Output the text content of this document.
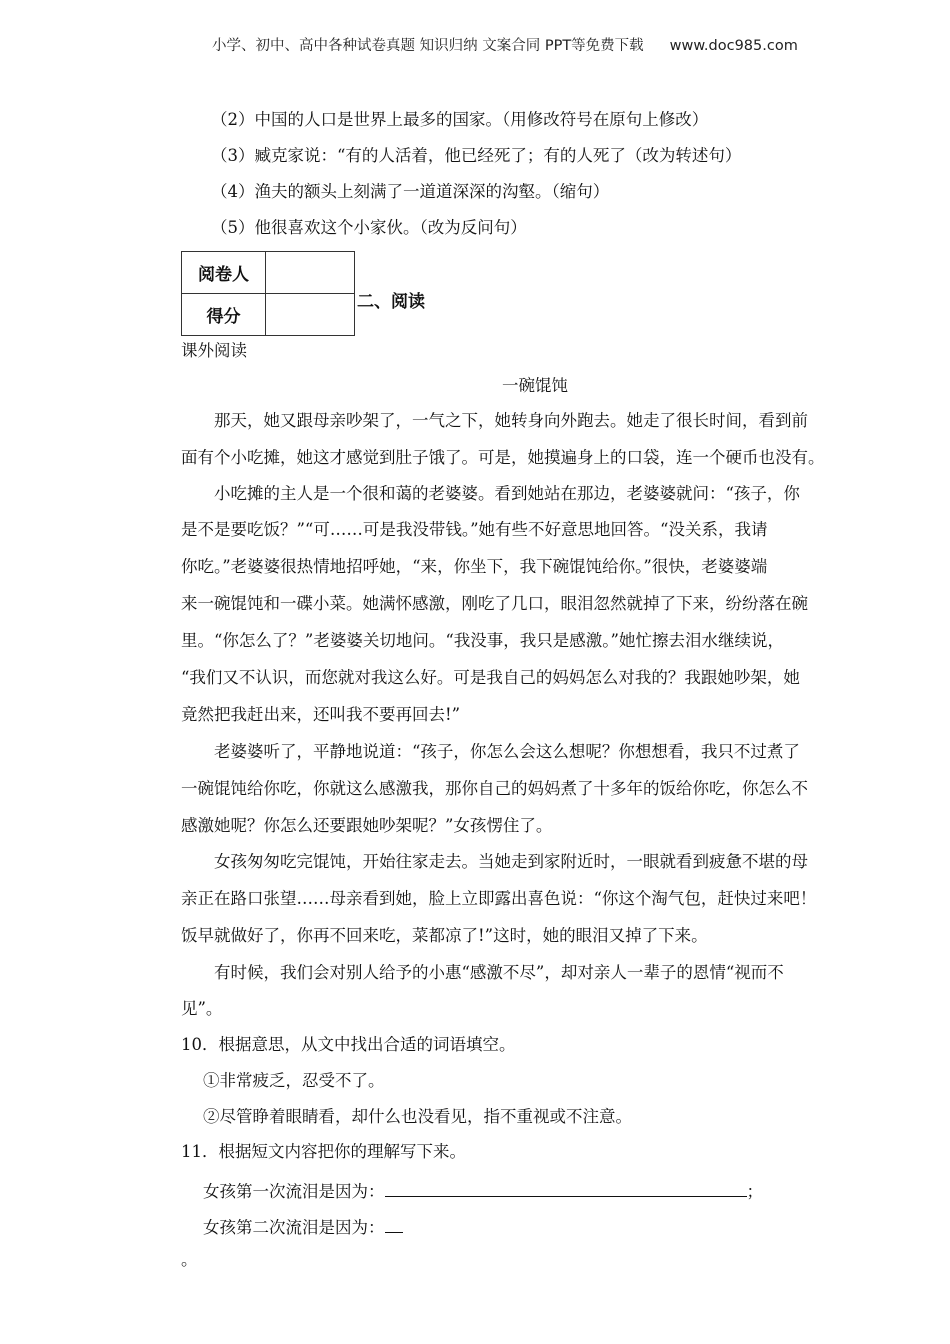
小学、初中、高中各种试卷真题 知识归纳 文案合同 PPT等免费下载 www.doc985.com
（2）中国的人口是世界上最多的国家。（用修改符号在原句上修改）
（3）臧克家说：“有的人活着，他已经死了；有的人死了（改为转述句）
（4）渔夫的额头上刻满了一道道深深的沟壑。（缩句）
（5）他很喜欢这个小家伙。（改为反问句）
阅卷人	
得分	
二、阅读
课外阅读
一碗馄饨
那天，她又跟母亲吵架了，一气之下，她转身向外跑去。她走了很长时间，看到前
面有个小吃摊，她这才感觉到肚子饿了。可是，她摸遍身上的口袋，连一个硬币也没有。
小吃摊的主人是一个很和蔼的老婆婆。看到她站在那边，老婆婆就问：“孩子，你
是不是要吃饭？”“可……可是我没带钱。”她有些不好意思地回答。“没关系，我请
你吃。”老婆婆很热情地招呼她，“来，你坐下，我下碗馄饨给你。”很快，老婆婆端
来一碗馄饨和一碟小菜。她满怀感激，刚吃了几口，眼泪忽然就掉了下来，纷纷落在碗
里。“你怎么了？”老婆婆关切地问。“我没事，我只是感激。”她忙擦去泪水继续说，
“我们又不认识，而您就对我这么好。可是我自己的妈妈怎么对我的？我跟她吵架，她
竟然把我赶出来，还叫我不要再回去!”
老婆婆听了，平静地说道：“孩子，你怎么会这么想呢？你想想看，我只不过煮了
一碗馄饨给你吃，你就这么感激我，那你自己的妈妈煮了十多年的饭给你吃，你怎么不
感激她呢？你怎么还要跟她吵架呢？”女孩愣住了。
女孩匆匆吃完馄饨，开始往家走去。当她走到家附近时，一眼就看到疲惫不堪的母
亲正在路口张望……母亲看到她，脸上立即露出喜色说：“你这个淘气包，赶快过来吧！
饭早就做好了，你再不回来吃，菜都凉了!”这时，她的眼泪又掉了下来。
有时候，我们会对别人给予的小惠“感激不尽”，却对亲人一辈子的恩情“视而不
见”。
10．根据意思，从文中找出合适的词语填空。
①非常疲乏，忍受不了。
②尽管睁着眼睛看，却什么也没看见，指不重视或不注意。
11．根据短文内容把你的理解写下来。
女孩第一次流泪是因为：	；
女孩第二次流泪是因为：
。
